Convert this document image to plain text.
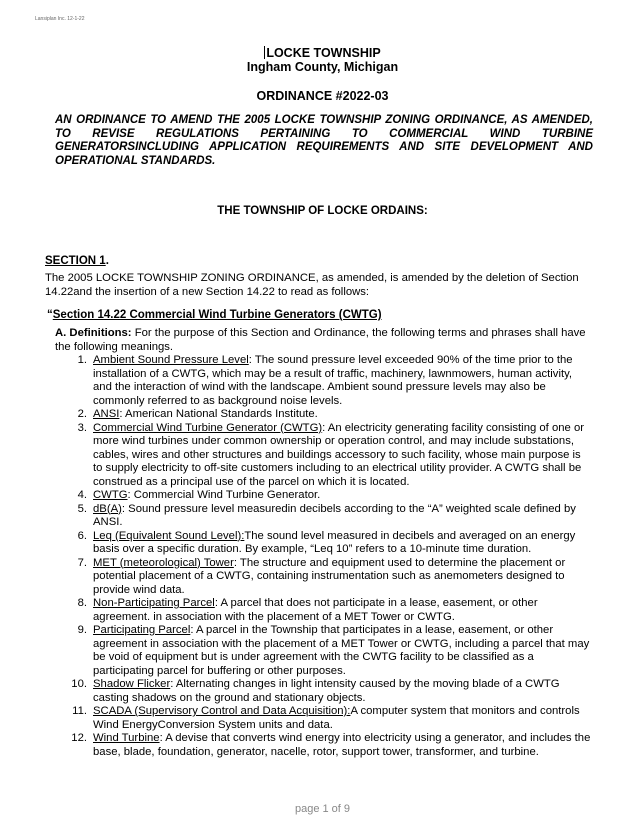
Lansiplan Inc. 12-1-22
LOCKE TOWNSHIP
Ingham County, Michigan
ORDINANCE #2022-03
AN ORDINANCE TO AMEND THE 2005 LOCKE TOWNSHIP ZONING ORDINANCE, AS AMENDED, TO REVISE REGULATIONS PERTAINING TO COMMERCIAL WIND TURBINE GENERATORSINCLUDING APPLICATION REQUIREMENTS AND SITE DEVELOPMENT AND OPERATIONAL STANDARDS.
THE TOWNSHIP OF LOCKE ORDAINS:
SECTION 1.
The 2005 LOCKE TOWNSHIP ZONING ORDINANCE, as amended, is amended by the deletion of Section 14.22and the insertion of a new Section 14.22 to read as follows:
“Section 14.22 Commercial Wind Turbine Generators (CWTG)
A. Definitions: For the purpose of this Section and Ordinance, the following terms and phrases shall have the following meanings.
1. Ambient Sound Pressure Level: The sound pressure level exceeded 90% of the time prior to the installation of a CWTG, which may be a result of traffic, machinery, lawnmowers, human activity, and the interaction of wind with the landscape. Ambient sound pressure levels may also be commonly referred to as background noise levels.
2. ANSI: American National Standards Institute.
3. Commercial Wind Turbine Generator (CWTG): An electricity generating facility consisting of one or more wind turbines under common ownership or operation control, and may include substations, cables, wires and other structures and buildings accessory to such facility, whose main purpose is to supply electricity to off-site customers including to an electrical utility provider. A CWTG shall be construed as a principal use of the parcel on which it is located.
4. CWTG: Commercial Wind Turbine Generator.
5. dB(A): Sound pressure level measuredin decibels according to the “A” weighted scale defined by ANSI.
6. Leq (Equivalent Sound Level):The sound level measured in decibels and averaged on an energy basis over a specific duration. By example, “Leq 10” refers to a 10-minute time duration.
7. MET (meteorological) Tower: The structure and equipment used to determine the placement or potential placement of a CWTG, containing instrumentation such as anemometers designed to provide wind data.
8. Non-Participating Parcel: A parcel that does not participate in a lease, easement, or other agreement. in association with the placement of a MET Tower or CWTG.
9. Participating Parcel: A parcel in the Township that participates in a lease, easement, or other agreement in association with the placement of a MET Tower or CWTG, including a parcel that may be void of equipment but is under agreement with the CWTG facility to be classified as a participating parcel for buffering or other purposes.
10. Shadow Flicker: Alternating changes in light intensity caused by the moving blade of a CWTG casting shadows on the ground and stationary objects.
11. SCADA (Supervisory Control and Data Acquisition):A computer system that monitors and controls Wind EnergyConversion System units and data.
12. Wind Turbine: A devise that converts wind energy into electricity using a generator, and includes the base, blade, foundation, generator, nacelle, rotor, support tower, transformer, and turbine.
page 1 of 9
